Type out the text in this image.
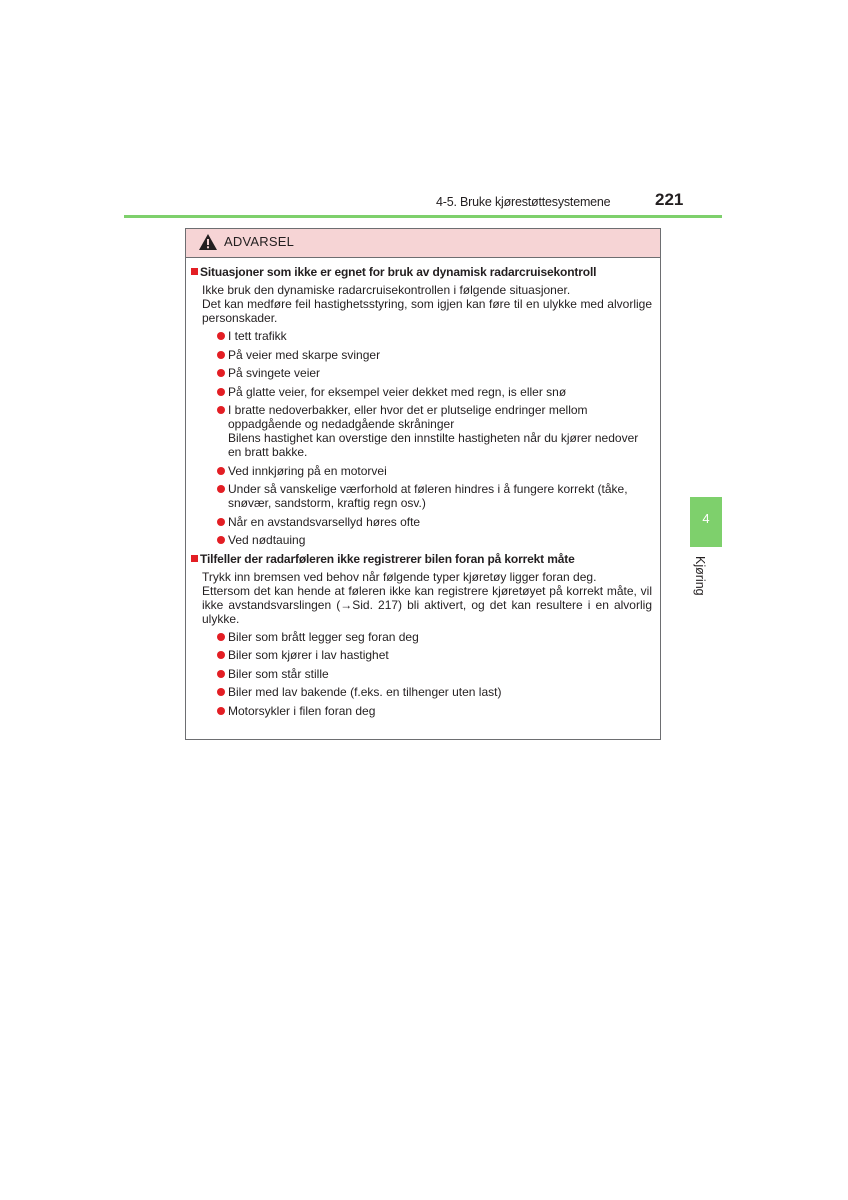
4-5. Bruke kjørestøttesystemene	221
4
Kjøring
ADVARSEL
Situasjoner som ikke er egnet for bruk av dynamisk radarcruisekontroll

Ikke bruk den dynamiske radarcruisekontrollen i følgende situasjoner.

Det kan medføre feil hastighetsstyring, som igjen kan føre til en ulykke med alvorlige personskader.

I tett trafikk
På veier med skarpe svinger
På svingete veier
På glatte veier, for eksempel veier dekket med regn, is eller snø
I bratte nedoverbakker, eller hvor det er plutselige endringer mellom oppadgående og nedadgående skråninger
Bilens hastighet kan overstige den innstilte hastigheten når du kjører nedover en bratt bakke.
Ved innkjøring på en motorvei
Under så vanskelige værforhold at føleren hindres i å fungere korrekt (tåke, snøvær, sandstorm, kraftig regn osv.)
Når en avstandsvarsellyd høres ofte
Ved nødtauing
Tilfeller der radarføleren ikke registrerer bilen foran på korrekt måte

Trykk inn bremsen ved behov når følgende typer kjøretøy ligger foran deg.

Ettersom det kan hende at føleren ikke kan registrere kjøretøyet på korrekt måte, vil ikke avstandsvarslingen (→Sid. 217) bli aktivert, og det kan resultere i en alvorlig ulykke.

Biler som brått legger seg foran deg
Biler som kjører i lav hastighet
Biler som står stille
Biler med lav bakende (f.eks. en tilhenger uten last)
Motorsykler i filen foran deg
